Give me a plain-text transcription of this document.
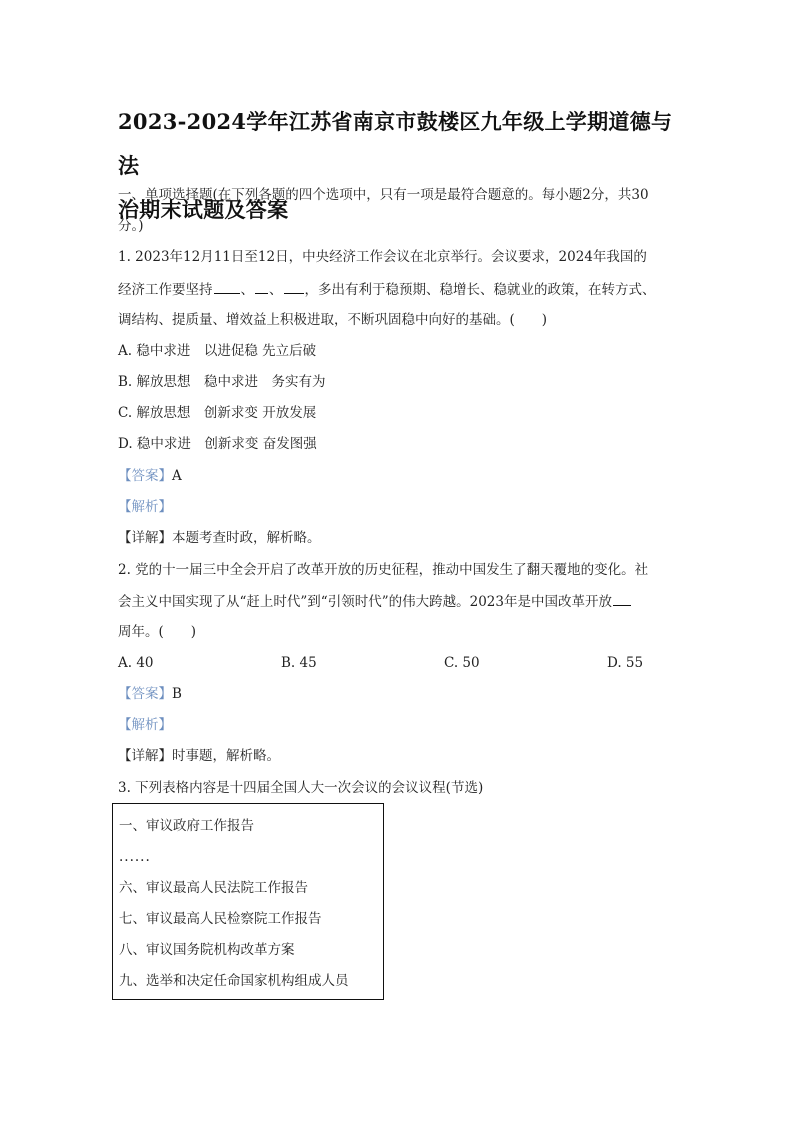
2023-2024学年江苏省南京市鼓楼区九年级上学期道德与法
治期末试题及答案
一、单项选择题(在下列各题的四个选项中，只有一项是最符合题意的。每小题2分，共30
分。)
1. 2023年12月11日至12日，中央经济工作会议在北京举行。会议要求，2024年我国的
经济工作要坚持 、 、 ，多出有利于稳预期、稳增长、稳就业的政策，在转方式、
调结构、提质量、增效益上积极进取，不断巩固稳中向好的基础。(　　)
A. 稳中求进　以进促稳 先立后破
B. 解放思想　稳中求进　务实有为
C. 解放思想　创新求变 开放发展
D. 稳中求进　创新求变 奋发图强
【答案】A
【解析】
【详解】本题考查时政，解析略。
2. 党的十一届三中全会开启了改革开放的历史征程，推动中国发生了翻天覆地的变化。社
会主义中国实现了从“赶上时代”到“引领时代”的伟大跨越。2023年是中国改革开放
周年。(　　)
A. 40	B. 45	C. 50	D. 55
【答案】B
【解析】
【详解】时事题，解析略。
3. 下列表格内容是十四届全国人大一次会议的会议议程(节选)
一、审议政府工作报告
......
六、审议最高人民法院工作报告
七、审议最高人民检察院工作报告
八、审议国务院机构改革方案
九、选举和决定任命国家机构组成人员
